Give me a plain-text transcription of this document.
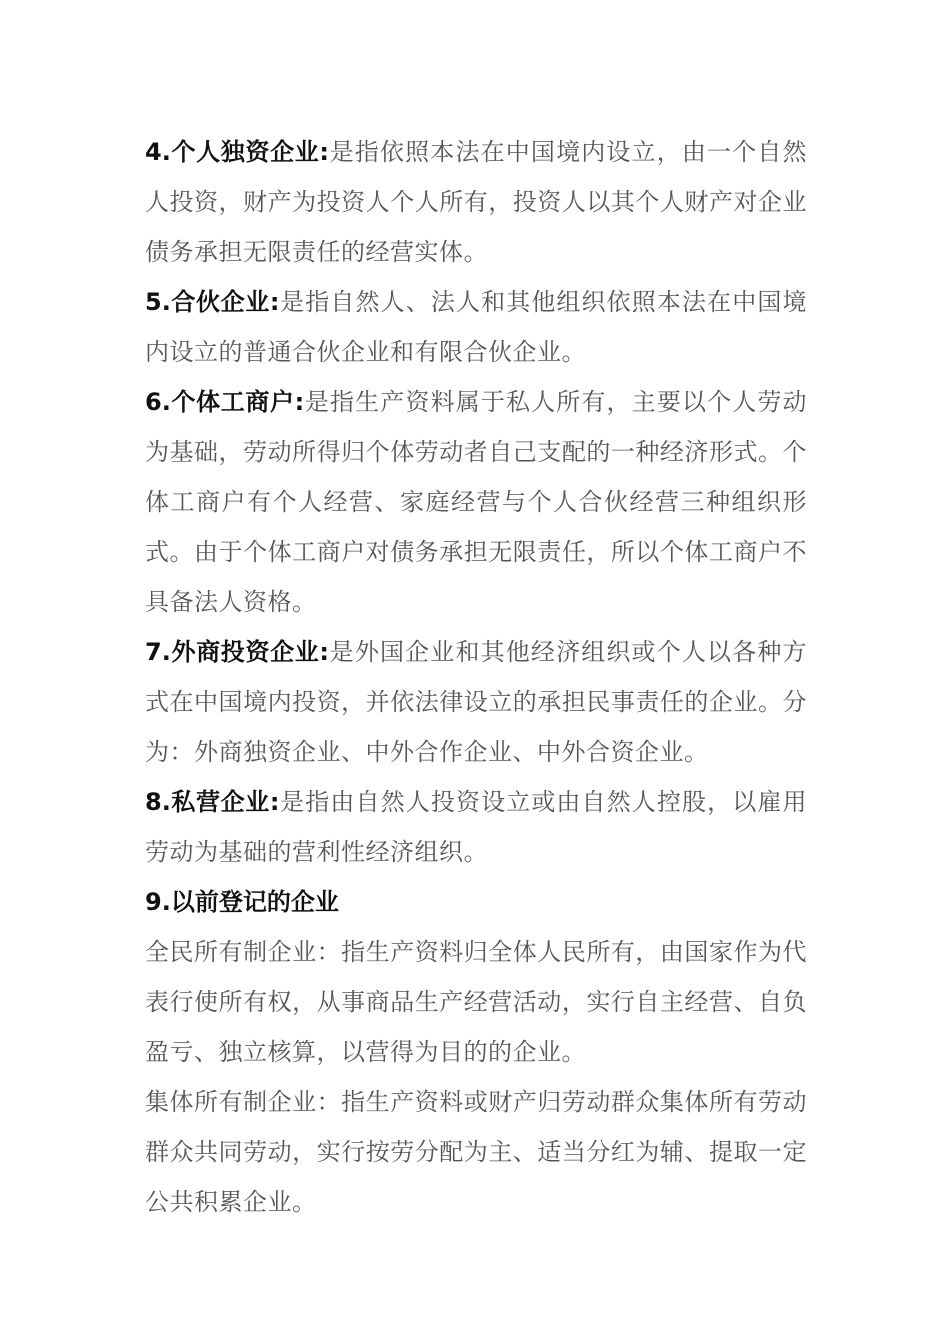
4.个人独资企业:是指依照本法在中国境内设立，由一个自然人投资，财产为投资人个人所有，投资人以其个人财产对企业债务承担无限责任的经营实体。

5.合伙企业:是指自然人、法人和其他组织依照本法在中国境内设立的普通合伙企业和有限合伙企业。

6.个体工商户:是指生产资料属于私人所有，主要以个人劳动为基础，劳动所得归个体劳动者自己支配的一种经济形式。个体工商户有个人经营、家庭经营与个人合伙经营三种组织形式。由于个体工商户对债务承担无限责任，所以个体工商户不具备法人资格。

7.外商投资企业:是外国企业和其他经济组织或个人以各种方式在中国境内投资，并依法律设立的承担民事责任的企业。分为：外商独资企业、中外合作企业、中外合资企业。

8.私营企业:是指由自然人投资设立或由自然人控股，以雇用劳动为基础的营利性经济组织。

9.以前登记的企业

全民所有制企业：指生产资料归全体人民所有，由国家作为代表行使所有权，从事商品生产经营活动，实行自主经营、自负盈亏、独立核算，以营得为目的的企业。

集体所有制企业：指生产资料或财产归劳动群众集体所有劳动群众共同劳动，实行按劳分配为主、适当分红为辅、提取一定公共积累企业。
